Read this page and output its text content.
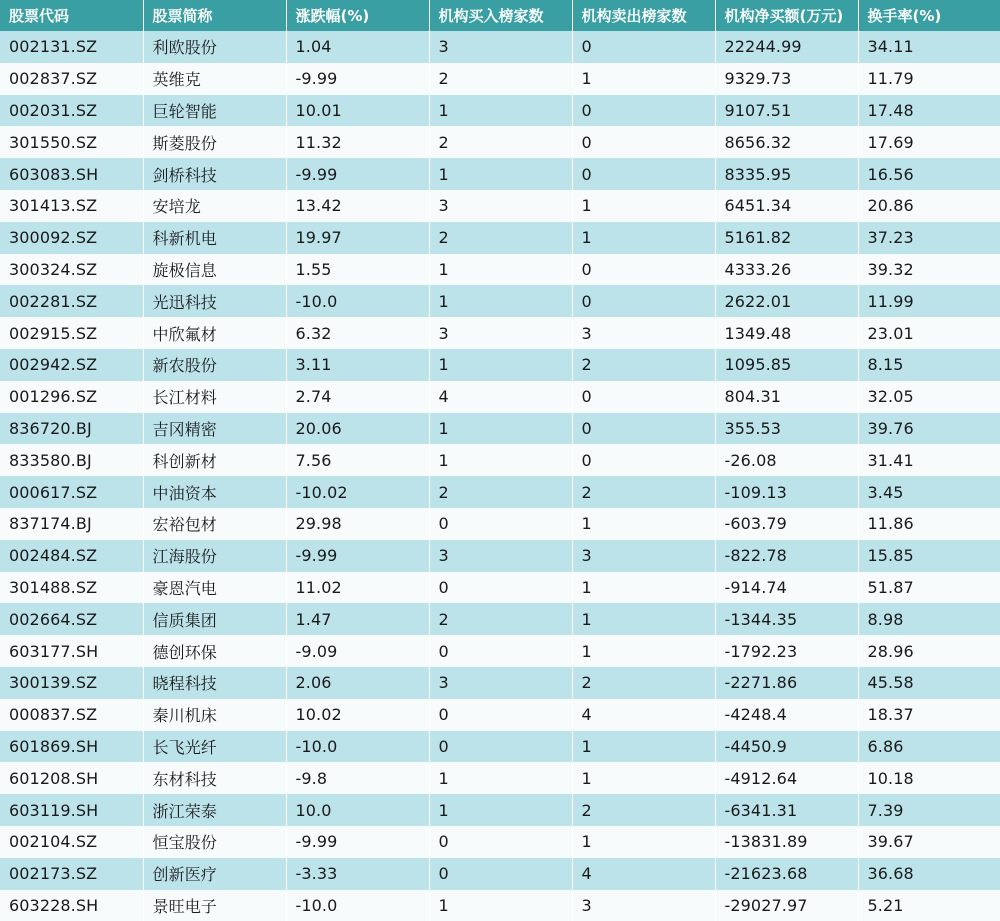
股票代码	股票简称	涨跌幅(%)	机构买入榜家数	机构卖出榜家数	机构净买额(万元)	换手率(%)
002131.SZ	利欧股份	1.04	3	0	22244.99	34.11
002837.SZ	英维克	-9.99	2	1	9329.73	11.79
002031.SZ	巨轮智能	10.01	1	0	9107.51	17.48
301550.SZ	斯菱股份	11.32	2	0	8656.32	17.69
603083.SH	剑桥科技	-9.99	1	0	8335.95	16.56
301413.SZ	安培龙	13.42	3	1	6451.34	20.86
300092.SZ	科新机电	19.97	2	1	5161.82	37.23
300324.SZ	旋极信息	1.55	1	0	4333.26	39.32
002281.SZ	光迅科技	-10.0	1	0	2622.01	11.99
002915.SZ	中欣氟材	6.32	3	3	1349.48	23.01
002942.SZ	新农股份	3.11	1	2	1095.85	8.15
001296.SZ	长江材料	2.74	4	0	804.31	32.05
836720.BJ	吉冈精密	20.06	1	0	355.53	39.76
833580.BJ	科创新材	7.56	1	0	-26.08	31.41
000617.SZ	中油资本	-10.02	2	2	-109.13	3.45
837174.BJ	宏裕包材	29.98	0	1	-603.79	11.86
002484.SZ	江海股份	-9.99	3	3	-822.78	15.85
301488.SZ	豪恩汽电	11.02	0	1	-914.74	51.87
002664.SZ	信质集团	1.47	2	1	-1344.35	8.98
603177.SH	德创环保	-9.09	0	1	-1792.23	28.96
300139.SZ	晓程科技	2.06	3	2	-2271.86	45.58
000837.SZ	秦川机床	10.02	0	4	-4248.4	18.37
601869.SH	长飞光纤	-10.0	0	1	-4450.9	6.86
601208.SH	东材科技	-9.8	1	1	-4912.64	10.18
603119.SH	浙江荣泰	10.0	1	2	-6341.31	7.39
002104.SZ	恒宝股份	-9.99	0	1	-13831.89	39.67
002173.SZ	创新医疗	-3.33	0	4	-21623.68	36.68
603228.SH	景旺电子	-10.0	1	3	-29027.97	5.21
